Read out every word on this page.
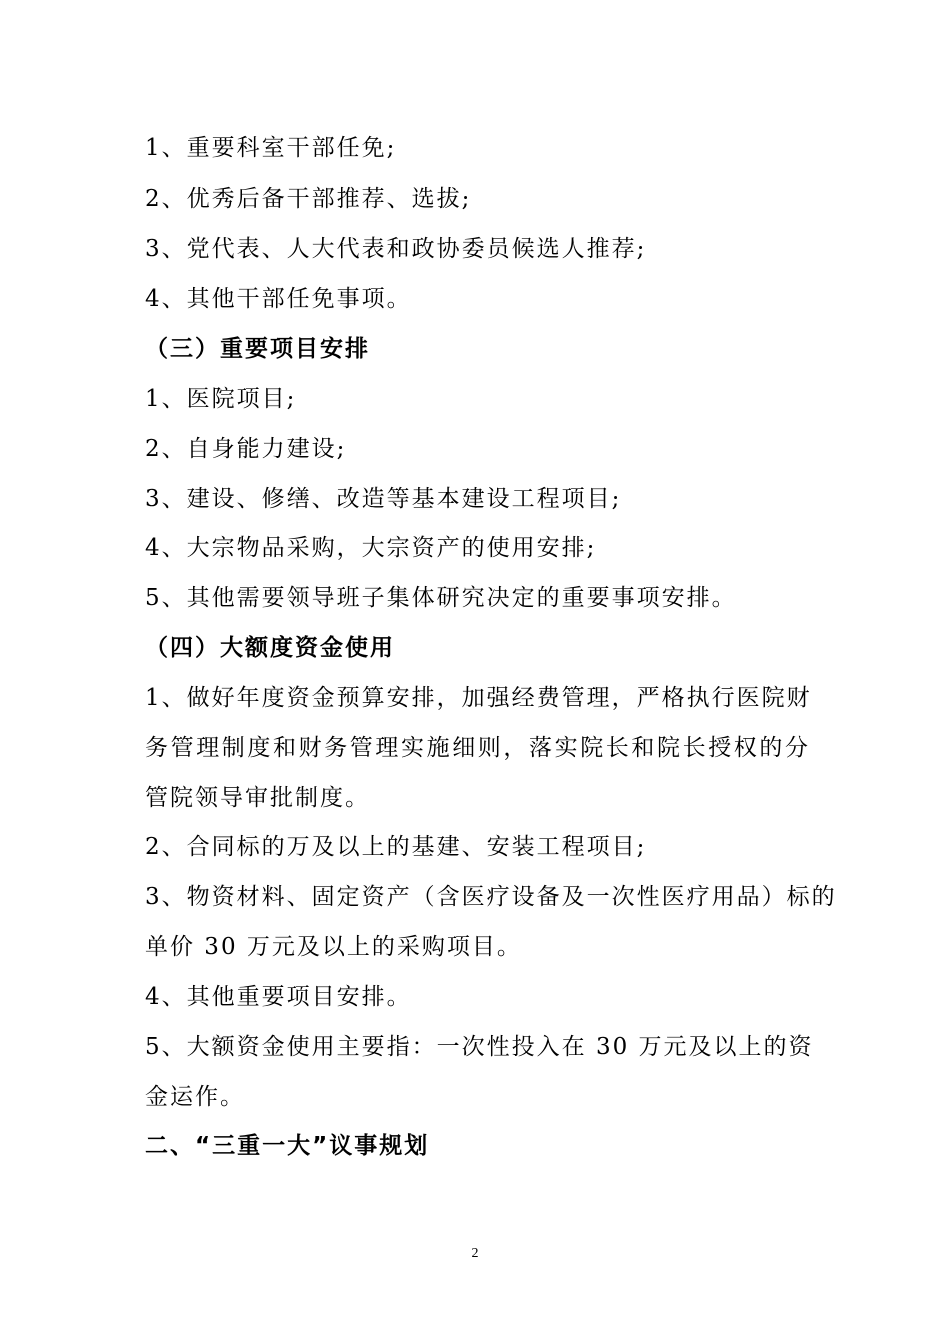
1、重要科室干部任免;
2、优秀后备干部推荐、选拔;
3、党代表、人大代表和政协委员候选人推荐;
4、其他干部任免事项。
（三）重要项目安排
1、医院项目;
2、自身能力建设;
3、建设、修缮、改造等基本建设工程项目;
4、大宗物品采购，大宗资产的使用安排;
5、其他需要领导班子集体研究决定的重要事项安排。
（四）大额度资金使用
1、做好年度资金预算安排，加强经费管理，严格执行医院财
务管理制度和财务管理实施细则，落实院长和院长授权的分
管院领导审批制度。
2、合同标的万及以上的基建、安装工程项目;
3、物资材料、固定资产（含医疗设备及一次性医疗用品）标的
单价 30 万元及以上的采购项目。
4、其他重要项目安排。
5、大额资金使用主要指：一次性投入在 30 万元及以上的资
金运作。
二、“三重一大”议事规划
2
